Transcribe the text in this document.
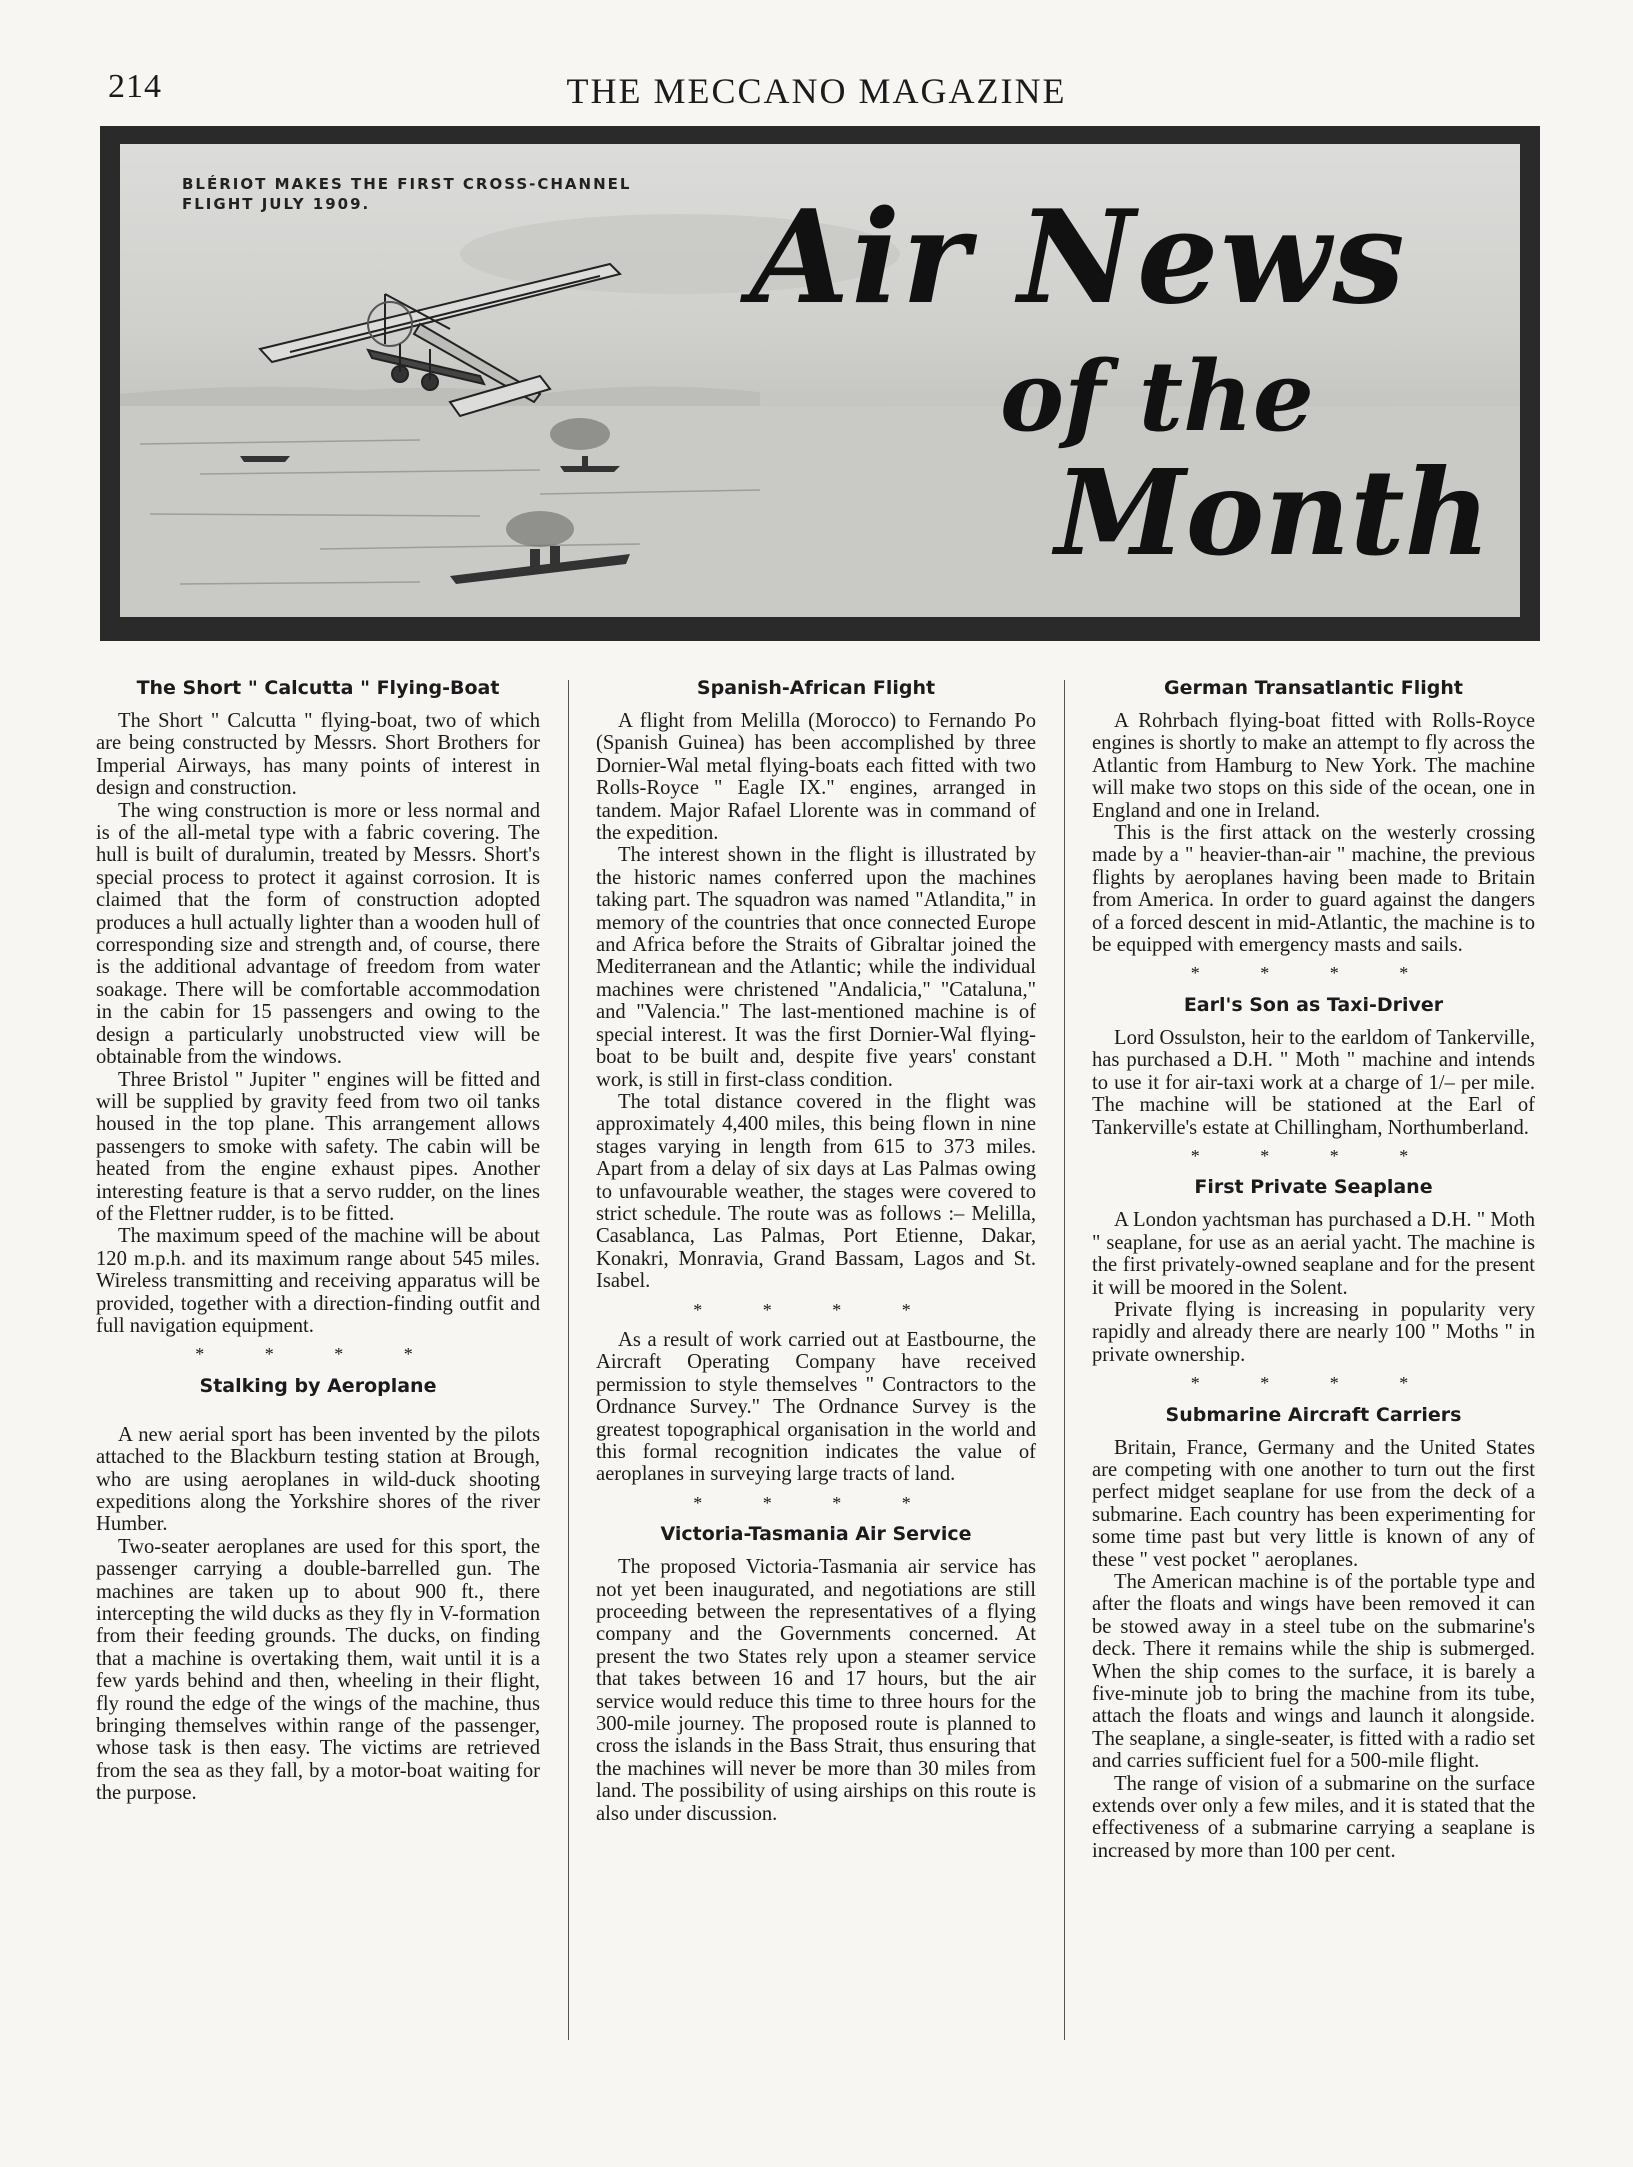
214	THE MECCANO MAGAZINE
BLÉRIOT MAKES THE FIRST CROSS-CHANNEL
FLIGHT JULY 1909.	Air News
of the
Month
The Short " Calcutta " Flying-Boat

The Short " Calcutta " flying-boat, two of which are being constructed by Messrs. Short Brothers for Imperial Airways, has many points of interest in design and construction.

The wing construction is more or less normal and is of the all-metal type with a fabric covering. The hull is built of duralumin, treated by Messrs. Short's special process to protect it against corrosion. It is claimed that the form of construction adopted produces a hull actually lighter than a wooden hull of corresponding size and strength and, of course, there is the additional advantage of freedom from water soakage. There will be comfortable accommodation in the cabin for 15 passengers and owing to the design a particularly unobstructed view will be obtainable from the windows.

Three Bristol " Jupiter " engines will be fitted and will be supplied by gravity feed from two oil tanks housed in the top plane. This arrangement allows passengers to smoke with safety. The cabin will be heated from the engine exhaust pipes. Another interesting feature is that a servo rudder, on the lines of the Flettner rudder, is to be fitted.

The maximum speed of the machine will be about 120 m.p.h. and its maximum range about 545 miles. Wireless transmitting and receiving apparatus will be provided, together with a direction-finding outfit and full navigation equipment.

* * * *
Stalking by Aeroplane

A new aerial sport has been invented by the pilots attached to the Blackburn testing station at Brough, who are using aeroplanes in wild-duck shooting expeditions along the Yorkshire shores of the river Humber.

Two-seater aeroplanes are used for this sport, the passenger carrying a double-barrelled gun. The machines are taken up to about 900 ft., there intercepting the wild ducks as they fly in V-formation from their feeding grounds. The ducks, on finding that a machine is overtaking them, wait until it is a few yards behind and then, wheeling in their flight, fly round the edge of the wings of the machine, thus bringing themselves within range of the passenger, whose task is then easy. The victims are retrieved from the sea as they fall, by a motor-boat waiting for the purpose.

Spanish-African Flight

A flight from Melilla (Morocco) to Fernando Po (Spanish Guinea) has been accomplished by three Dornier-Wal metal flying-boats each fitted with two Rolls-Royce " Eagle IX." engines, arranged in tandem. Major Rafael Llorente was in command of the expedition.

The interest shown in the flight is illustrated by the historic names conferred upon the machines taking part. The squadron was named "Atlandita," in memory of the countries that once connected Europe and Africa before the Straits of Gibraltar joined the Mediterranean and the Atlantic; while the individual machines were christened "Andalicia," "Cataluna," and "Valencia." The last-mentioned machine is of special interest. It was the first Dornier-Wal flying-boat to be built and, despite five years' constant work, is still in first-class condition.

The total distance covered in the flight was approximately 4,400 miles, this being flown in nine stages varying in length from 615 to 373 miles. Apart from a delay of six days at Las Palmas owing to unfavourable weather, the stages were covered to strict schedule. The route was as follows :– Melilla, Casablanca, Las Palmas, Port Etienne, Dakar, Konakri, Monravia, Grand Bassam, Lagos and St. Isabel.

* * * *

As a result of work carried out at Eastbourne, the Aircraft Operating Company have received permission to style themselves " Contractors to the Ordnance Survey." The Ordnance Survey is the greatest topographical organisation in the world and this formal recognition indicates the value of aeroplanes in surveying large tracts of land.

* * * *
Victoria-Tasmania Air Service

The proposed Victoria-Tasmania air service has not yet been inaugurated, and negotiations are still proceeding between the representatives of a flying company and the Governments concerned. At present the two States rely upon a steamer service that takes between 16 and 17 hours, but the air service would reduce this time to three hours for the 300-mile journey. The proposed route is planned to cross the islands in the Bass Strait, thus ensuring that the machines will never be more than 30 miles from land. The possibility of using airships on this route is also under discussion.

German Transatlantic Flight

A Rohrbach flying-boat fitted with Rolls-Royce engines is shortly to make an attempt to fly across the Atlantic from Hamburg to New York. The machine will make two stops on this side of the ocean, one in England and one in Ireland.

This is the first attack on the westerly crossing made by a " heavier-than-air " machine, the previous flights by aeroplanes having been made to Britain from America. In order to guard against the dangers of a forced descent in mid-Atlantic, the machine is to be equipped with emergency masts and sails.

* * * *
Earl's Son as Taxi-Driver

Lord Ossulston, heir to the earldom of Tankerville, has purchased a D.H. " Moth " machine and intends to use it for air-taxi work at a charge of 1/– per mile. The machine will be stationed at the Earl of Tankerville's estate at Chillingham, Northumberland.

* * * *
First Private Seaplane

A London yachtsman has purchased a D.H. " Moth " seaplane, for use as an aerial yacht. The machine is the first privately-owned seaplane and for the present it will be moored in the Solent.

Private flying is increasing in popularity very rapidly and already there are nearly 100 " Moths " in private ownership.

* * * *
Submarine Aircraft Carriers

Britain, France, Germany and the United States are competing with one another to turn out the first perfect midget seaplane for use from the deck of a submarine. Each country has been experimenting for some time past but very little is known of any of these " vest pocket " aeroplanes.

The American machine is of the portable type and after the floats and wings have been removed it can be stowed away in a steel tube on the submarine's deck. There it remains while the ship is submerged. When the ship comes to the surface, it is barely a five-minute job to bring the machine from its tube, attach the floats and wings and launch it alongside. The seaplane, a single-seater, is fitted with a radio set and carries sufficient fuel for a 500-mile flight.

The range of vision of a submarine on the surface extends over only a few miles, and it is stated that the effectiveness of a submarine carrying a seaplane is increased by more than 100 per cent.
